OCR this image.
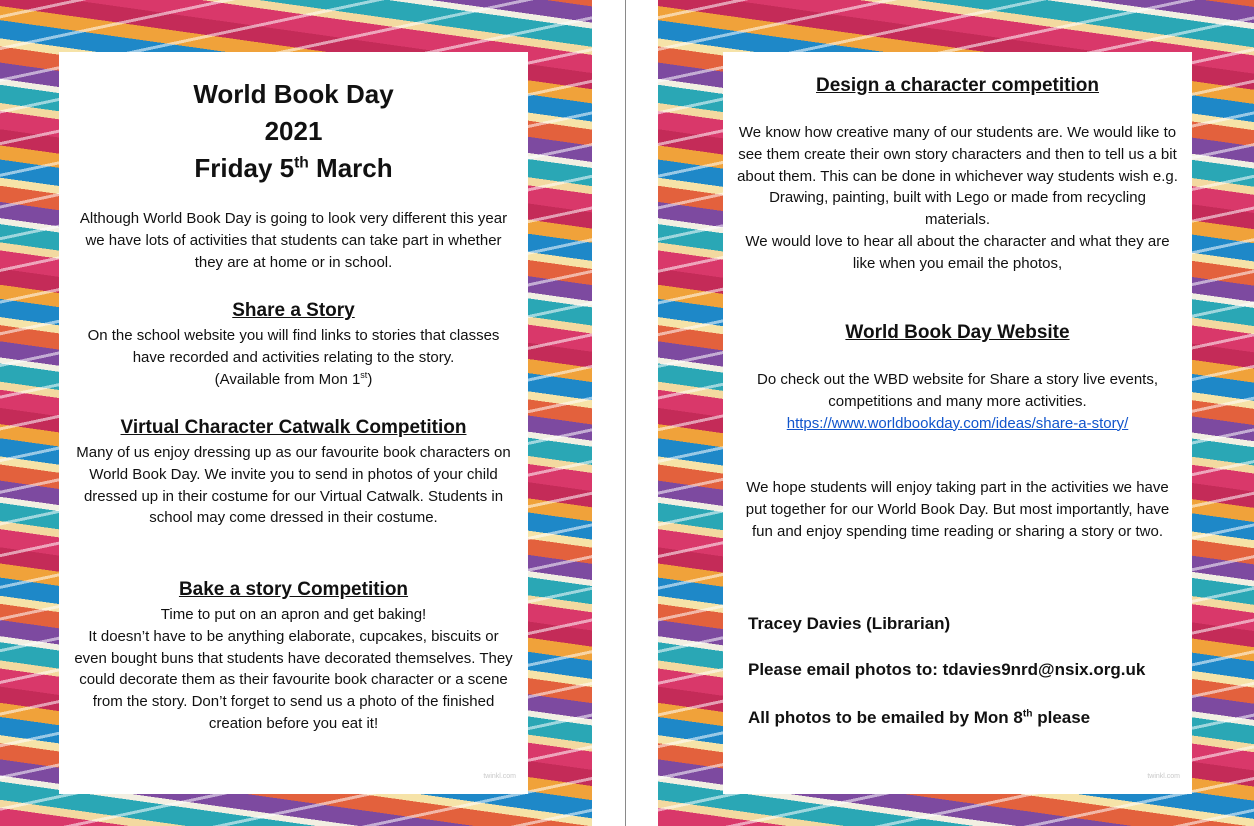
World Book Day
2021
Friday 5th March
Although World Book Day is going to look very different this year we have lots of activities that students can take part in whether they are at home or in school.
Share a Story
On the school website you will find links to stories that classes have recorded and activities relating to the story.
(Available from Mon 1st)
Virtual Character Catwalk Competition
Many of us enjoy dressing up as our favourite book characters on World Book Day. We invite you to send in photos of your child dressed up in their costume for our Virtual Catwalk. Students in school may come dressed in their costume.
Bake a story Competition
Time to put on an apron and get baking!
It doesn’t have to be anything elaborate, cupcakes, biscuits or even bought buns that students have decorated themselves. They could decorate them as their favourite book character or a scene from the story. Don’t forget to send us a photo of the finished creation before you eat it!
twinkl.com
Design a character competition
We know how creative many of our students are. We would like to see them create their own story characters and then to tell us a bit about them. This can be done in whichever way students wish e.g. Drawing, painting, built with Lego or made from recycling materials.
We would love to hear all about the character and what they are like when you email the photos,
World Book Day Website
Do check out the WBD website for Share a story live events, competitions and many more activities.
https://www.worldbookday.com/ideas/share-a-story/
We hope students will enjoy taking part in the activities we have put together for our World Book Day. But most importantly, have fun and enjoy spending time reading or sharing a story or two.
Tracey Davies (Librarian)
Please email photos to: tdavies9nrd@nsix.org.uk
All photos to be emailed by Mon 8th please
twinkl.com
